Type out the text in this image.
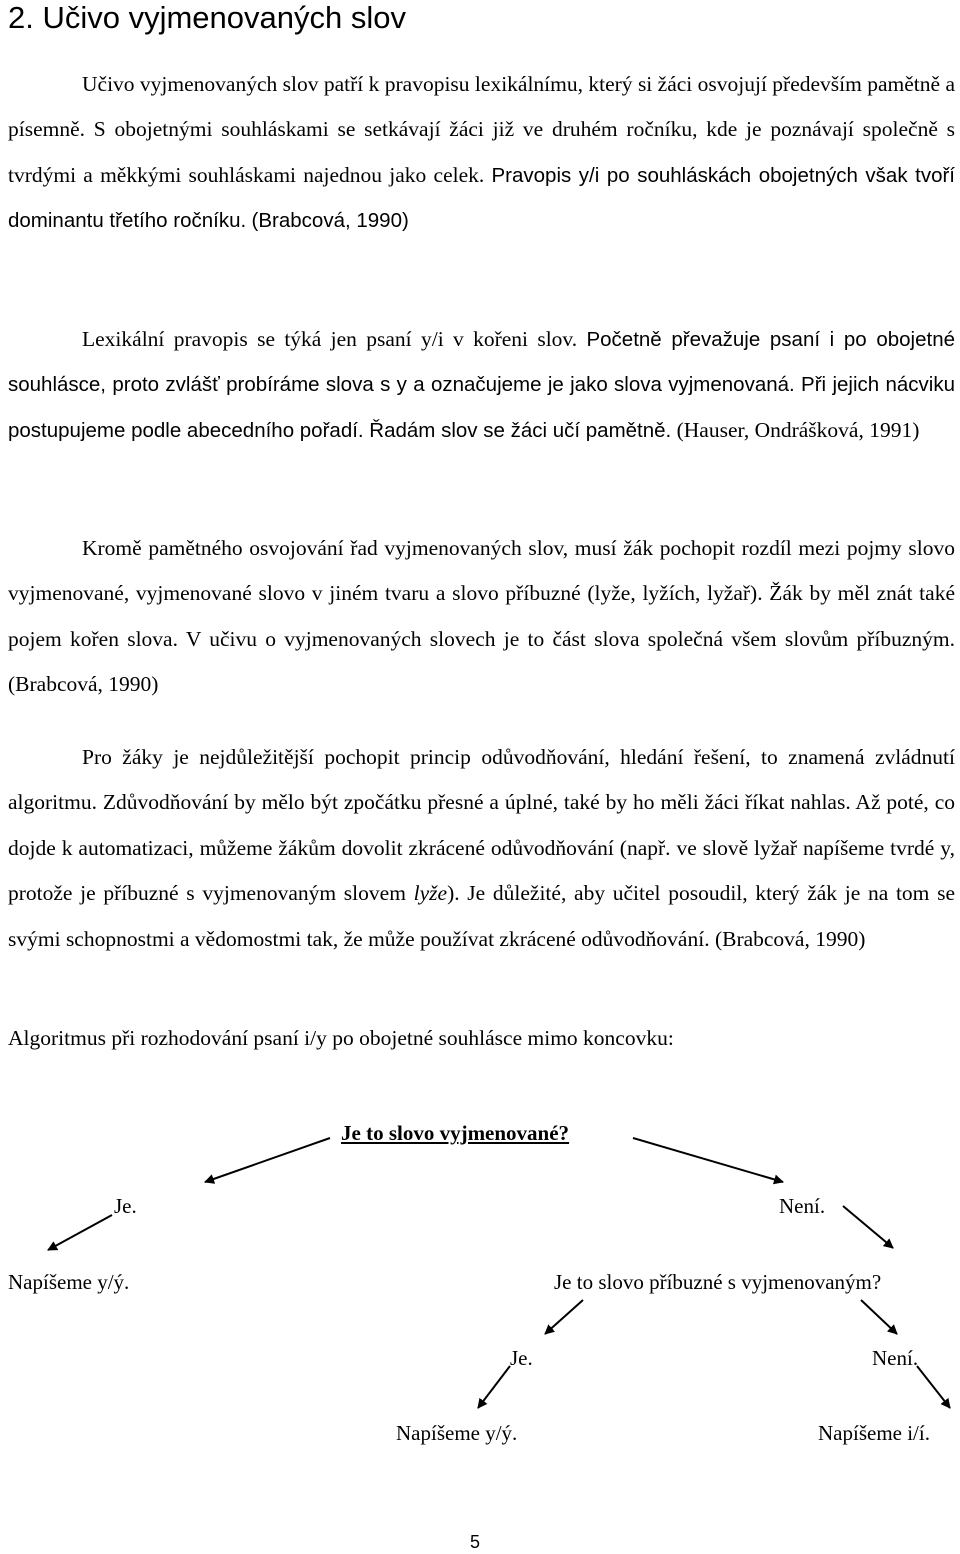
2. Učivo vyjmenovaných slov

Učivo vyjmenovaných slov patří k pravopisu lexikálnímu, který si žáci osvojují především pamětně a písemně. S obojetnými souhláskami se setkávají žáci již ve druhém ročníku, kde je poznávají společně s tvrdými a měkkými souhláskami najednou jako celek. Pravopis y/i po souhláskách obojetných však tvoří dominantu třetího ročníku. (Brabcová, 1990)

Lexikální pravopis se týká jen psaní y/i v kořeni slov. Početně převažuje psaní i po obojetné souhlásce, proto zvlášť probíráme slova s y a označujeme je jako slova vyjmenovaná. Při jejich nácviku postupujeme podle abecedního pořadí. Řadám slov se žáci učí pamětně. (Hauser, Ondrášková, 1991)

Kromě pamětného osvojování řad vyjmenovaných slov, musí žák pochopit rozdíl mezi pojmy slovo vyjmenované, vyjmenované slovo v jiném tvaru a slovo příbuzné (lyže, lyžích, lyžař). Žák by měl znát také pojem kořen slova. V učivu o vyjmenovaných slovech je to část slova společná všem slovům příbuzným. (Brabcová, 1990)

Pro žáky je nejdůležitější pochopit princip odůvodňování, hledání řešení, to znamená zvládnutí algoritmu. Zdůvodňování by mělo být zpočátku přesné a úplné, také by ho měli žáci říkat nahlas. Až poté, co dojde k automatizaci, můžeme žákům dovolit zkrácené odůvodňování (např. ve slově lyžař napíšeme tvrdé y, protože je příbuzné s vyjmenovaným slovem lyže). Je důležité, aby učitel posoudil, který žák je na tom se svými schopnostmi a vědomostmi tak, že může používat zkrácené odůvodňování. (Brabcová, 1990)

Algoritmus při rozhodování psaní i/y po obojetné souhlásce mimo koncovku:

Je to slovo vyjmenované?

Je.	Není.

Napíšeme y/ý.	Je to slovo příbuzné s vyjmenovaným?

Je.	Není.

Napíšeme y/ý.	Napíšeme i/í.

5
